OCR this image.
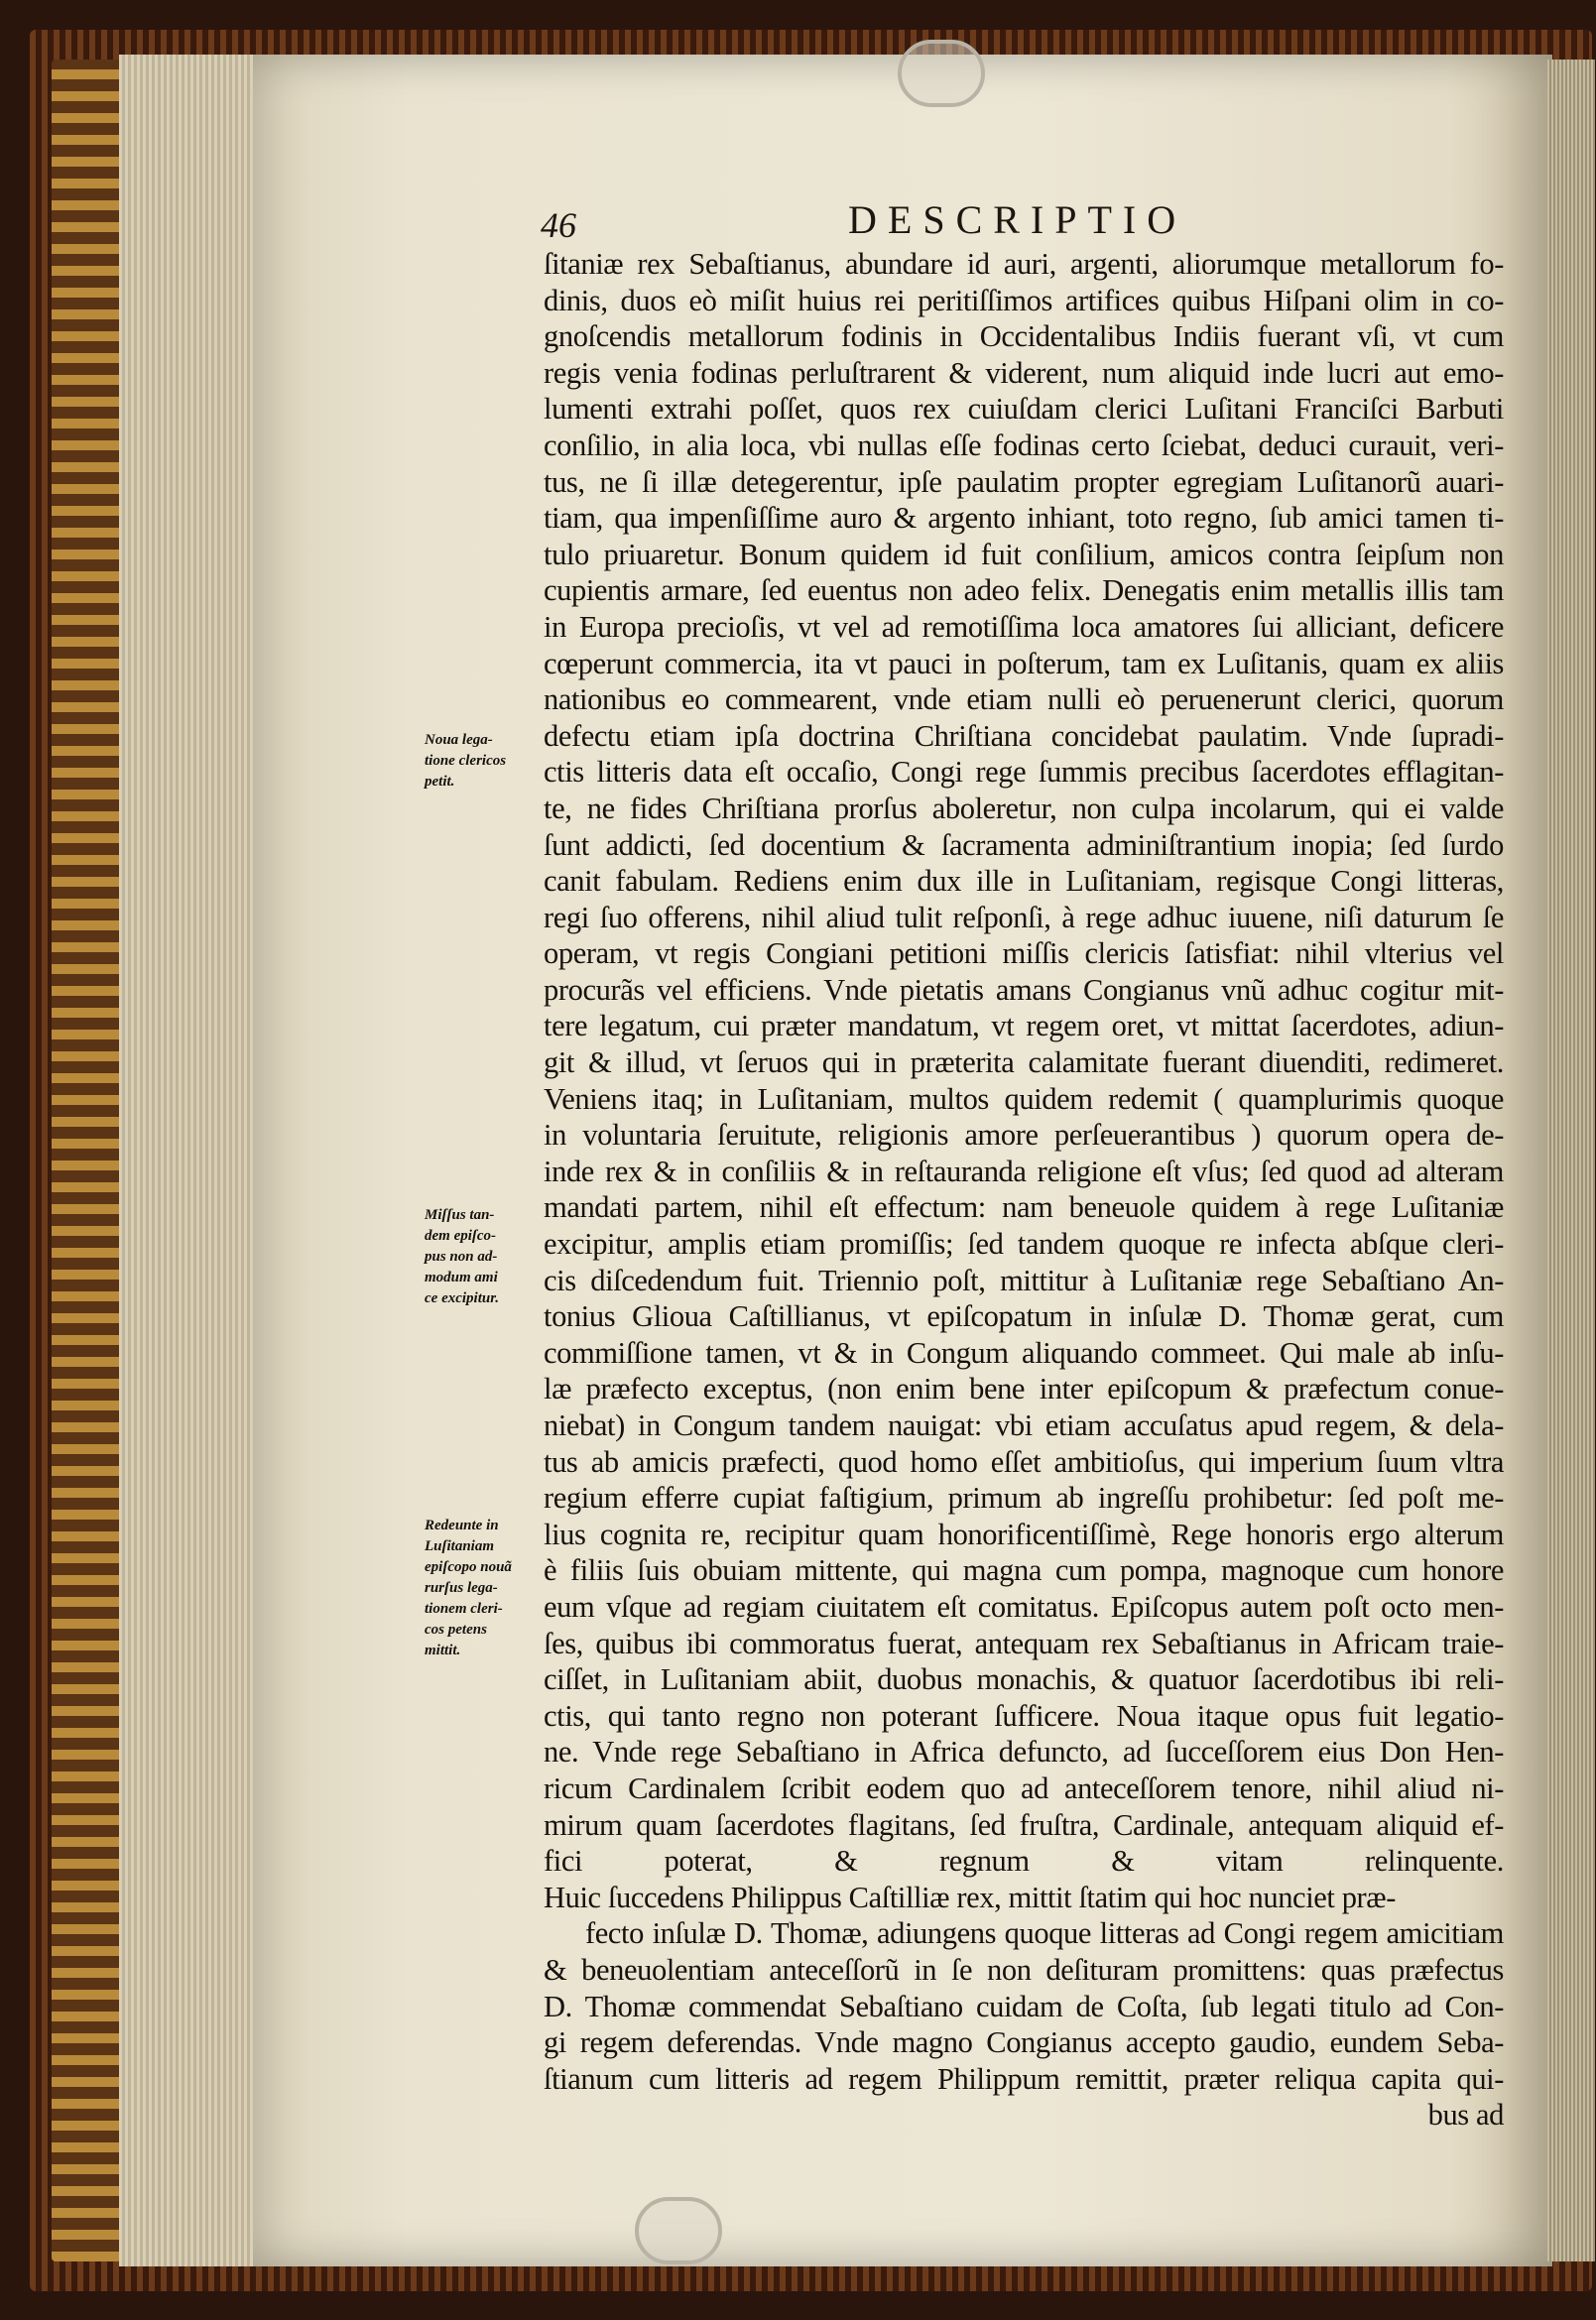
46	DESCRIPTIO
ſitaniæ rex Sebaſtianus, abundare id auri, argenti, aliorumque metallorum fo-
dinis, duos eò miſit huius rei peritiſſimos artifices quibus Hiſpani olim in co-
gnoſcendis metallorum fodinis in Occidentalibus Indiis fuerant vſi, vt cum
regis venia fodinas perluſtrarent & viderent, num aliquid inde lucri aut emo-
lumenti extrahi poſſet, quos rex cuiuſdam clerici Luſitani Franciſci Barbuti
conſilio, in alia loca, vbi nullas eſſe fodinas certo ſciebat, deduci curauit, veri-
tus, ne ſi illæ detegerentur, ipſe paulatim propter egregiam Luſitanorũ auari-
tiam, qua impenſiſſime auro & argento inhiant, toto regno, ſub amici tamen ti-
tulo priuaretur. Bonum quidem id fuit conſilium, amicos contra ſeipſum non
cupientis armare, ſed euentus non adeo felix. Denegatis enim metallis illis tam
in Europa precioſis, vt vel ad remotiſſima loca amatores ſui alliciant, deficere
cœperunt commercia, ita vt pauci in poſterum, tam ex Luſitanis, quam ex aliis
nationibus eo commearent, vnde etiam nulli eò peruenerunt clerici, quorum
defectu etiam ipſa doctrina Chriſtiana concidebat paulatim. Vnde ſupradi-
ctis litteris data eſt occaſio, Congi rege ſummis precibus ſacerdotes efflagitan-
te, ne fides Chriſtiana prorſus aboleretur, non culpa incolarum, qui ei valde
ſunt addicti, ſed docentium & ſacramenta adminiſtrantium inopia; ſed ſurdo
canit fabulam. Rediens enim dux ille in Luſitaniam, regisque Congi litteras,
regi ſuo offerens, nihil aliud tulit reſponſi, à rege adhuc iuuene, niſi daturum ſe
operam, vt regis Congiani petitioni miſſis clericis ſatisfiat: nihil vlterius vel
procurãs vel efficiens. Vnde pietatis amans Congianus vnũ adhuc cogitur mit-
tere legatum, cui præter mandatum, vt regem oret, vt mittat ſacerdotes, adiun-
git & illud, vt ſeruos qui in præterita calamitate fuerant diuenditi, redimeret.
Veniens itaq; in Luſitaniam, multos quidem redemit ( quamplurimis quoque
in voluntaria ſeruitute, religionis amore perſeuerantibus ) quorum opera de-
inde rex & in conſiliis & in reſtauranda religione eſt vſus; ſed quod ad alteram
mandati partem, nihil eſt effectum: nam beneuole quidem à rege Luſitaniæ
excipitur, amplis etiam promiſſis; ſed tandem quoque re infecta abſque cleri-
cis diſcedendum fuit. Triennio poſt, mittitur à Luſitaniæ rege Sebaſtiano An-
tonius Glioua Caſtillianus, vt epiſcopatum in inſulæ D. Thomæ gerat, cum
commiſſione tamen, vt & in Congum aliquando commeet. Qui male ab inſu-
læ præfecto exceptus, (non enim bene inter epiſcopum & præfectum conue-
niebat) in Congum tandem nauigat: vbi etiam accuſatus apud regem, & dela-
tus ab amicis præfecti, quod homo eſſet ambitioſus, qui imperium ſuum vltra
regium efferre cupiat faſtigium, primum ab ingreſſu prohibetur: ſed poſt me-
lius cognita re, recipitur quam honorificentiſſimè, Rege honoris ergo alterum
è filiis ſuis obuiam mittente, qui magna cum pompa, magnoque cum honore
eum vſque ad regiam ciuitatem eſt comitatus. Epiſcopus autem poſt octo men-
ſes, quibus ibi commoratus fuerat, antequam rex Sebaſtianus in Africam traie-
ciſſet, in Luſitaniam abiit, duobus monachis, & quatuor ſacerdotibus ibi reli-
ctis, qui tanto regno non poterant ſufficere. Noua itaque opus fuit legatio-
ne. Vnde rege Sebaſtiano in Africa defuncto, ad ſucceſſorem eius Don Hen-
ricum Cardinalem ſcribit eodem quo ad anteceſſorem tenore, nihil aliud ni-
mirum quam ſacerdotes flagitans, ſed fruſtra, Cardinale, antequam aliquid ef-
fici poterat, & regnum & vitam relinquente.
Huic ſuccedens Philippus Caſtilliæ rex, mittit ſtatim qui hoc nunciet præ-
fecto inſulæ D. Thomæ, adiungens quoque litteras ad Congi regem amicitiam
& beneuolentiam anteceſſorũ in ſe non deſituram promittens: quas præfectus
D. Thomæ commendat Sebaſtiano cuidam de Coſta, ſub legati titulo ad Con-
gi regem deferendas. Vnde magno Congianus accepto gaudio, eundem Seba-
ſtianum cum litteris ad regem Philippum remittit, præter reliqua capita qui-
bus ad
Noua lega-
tione clericos
petit.
Miſſus tan-
dem epiſco-
pus non ad-
modum ami
ce excipitur.
Redeunte in
Luſitaniam
epiſcopo nouã
rurſus lega-
tionem cleri-
cos petens
mittit.
